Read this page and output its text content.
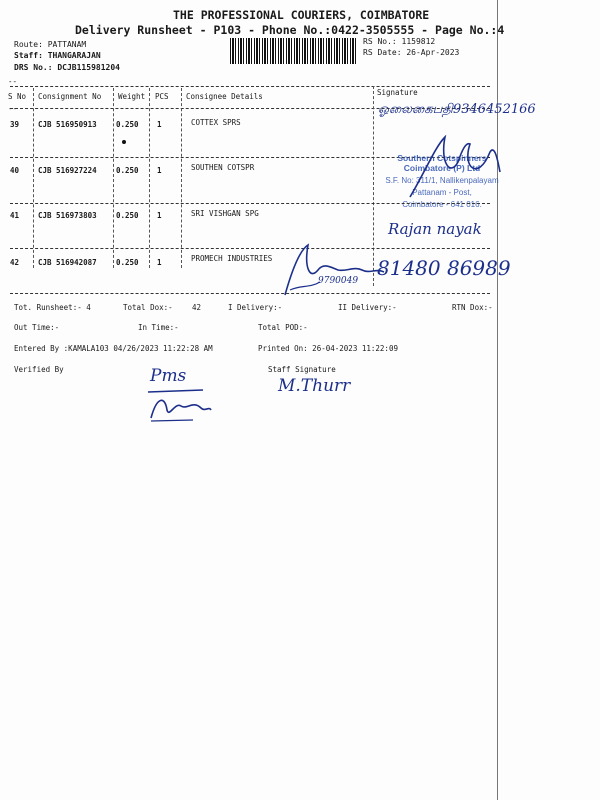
THE PROFESSIONAL COURIERS, COIMBATORE
Delivery Runsheet - P103 - Phone No.:0422-3505555 - Page No.:4
Route: PATTANAM
Staff: THANGARAJAN
DRS No.: DCJB115981204
RS No.: 1159812
RS Date: 26-Apr-2023
--
S No Consignment No Weight PCS Consignee Details	Signature
--
39	CJB 516950913	0.250 1	COTTEX SPRS
ஓலைகைபதி9346452166
40	CJB 516927224	0.250 1	SOUTHEN COTSPR
Southern Cotspinners Coimbatore (P) Ltd
S.F. No: 311/1, Nallikenpalayam
Pattanam - Post,
Coimbatore - 641 016.
41	CJB 516973803	0.250 1	SRI VISHGAN SPG
Rajan nayak
42	CJB 516942087	0.250 1	PROMECH INDUSTRIES
9790049
81480 86989
Tot. Runsheet:- 4	Total Dox:-	42	I Delivery:-	II Delivery:-	RTN Dox:-
Out Time:-	In Time:-	Total POD:-
Entered By :KAMALA103 04/26/2023 11:22:28 AM	Printed On: 26-04-2023 11:22:09
Verified By	Staff Signature
Pms	M.Thurr
